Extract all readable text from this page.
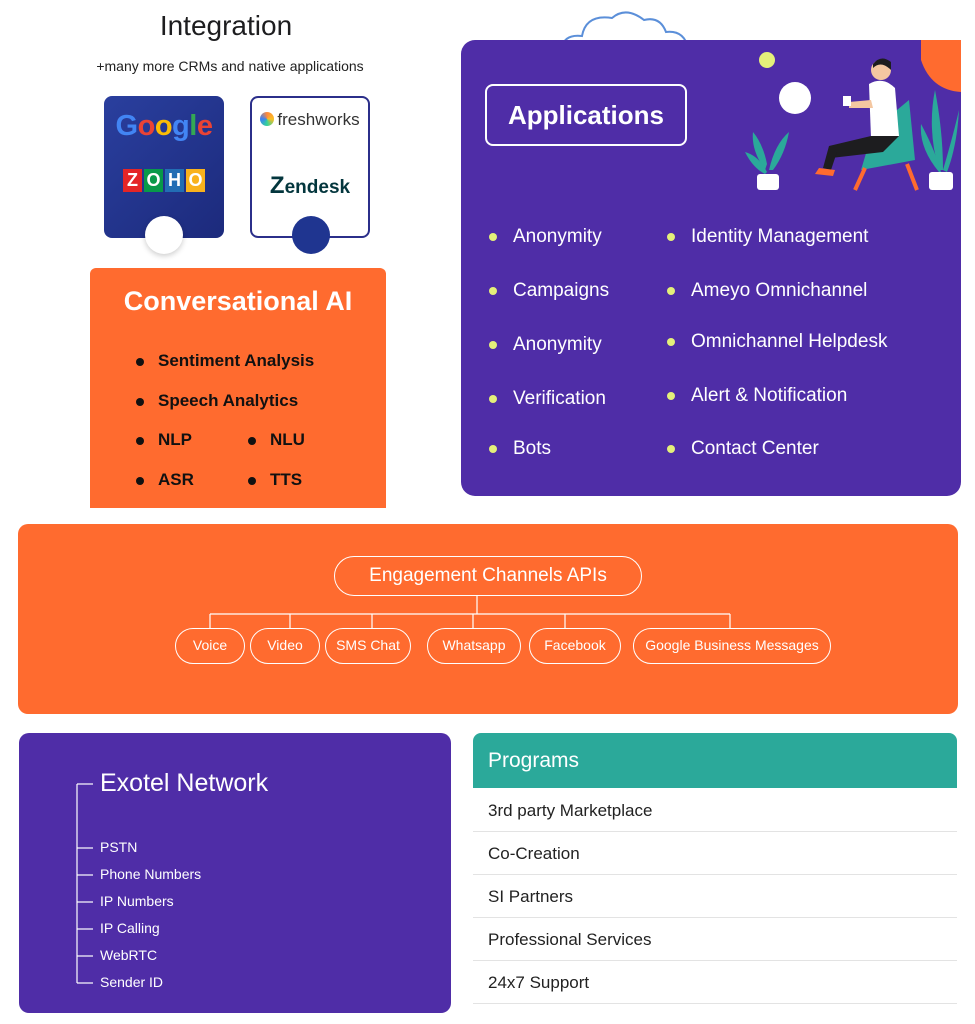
Integration
+many more CRMs and native applications
Google
Z O H O
freshworks
Zendesk
Conversational AI
Sentiment Analysis
Speech Analytics
NLP	NLU
ASR	TTS
Applications
Anonymity
Campaigns
Anonymity
Verification
Bots
Identity Management
Ameyo Omnichannel
Omnichannel Helpdesk
Alert & Notification
Contact Center
Engagement Channels APIs
Voice	Video	SMS Chat	Whatsapp	Facebook	Google Business Messages
Exotel Network
PSTN
Phone Numbers
IP Numbers
IP Calling
WebRTC
Sender ID
Programs
3rd party Marketplace
Co-Creation
SI Partners
Professional Services
24x7 Support
